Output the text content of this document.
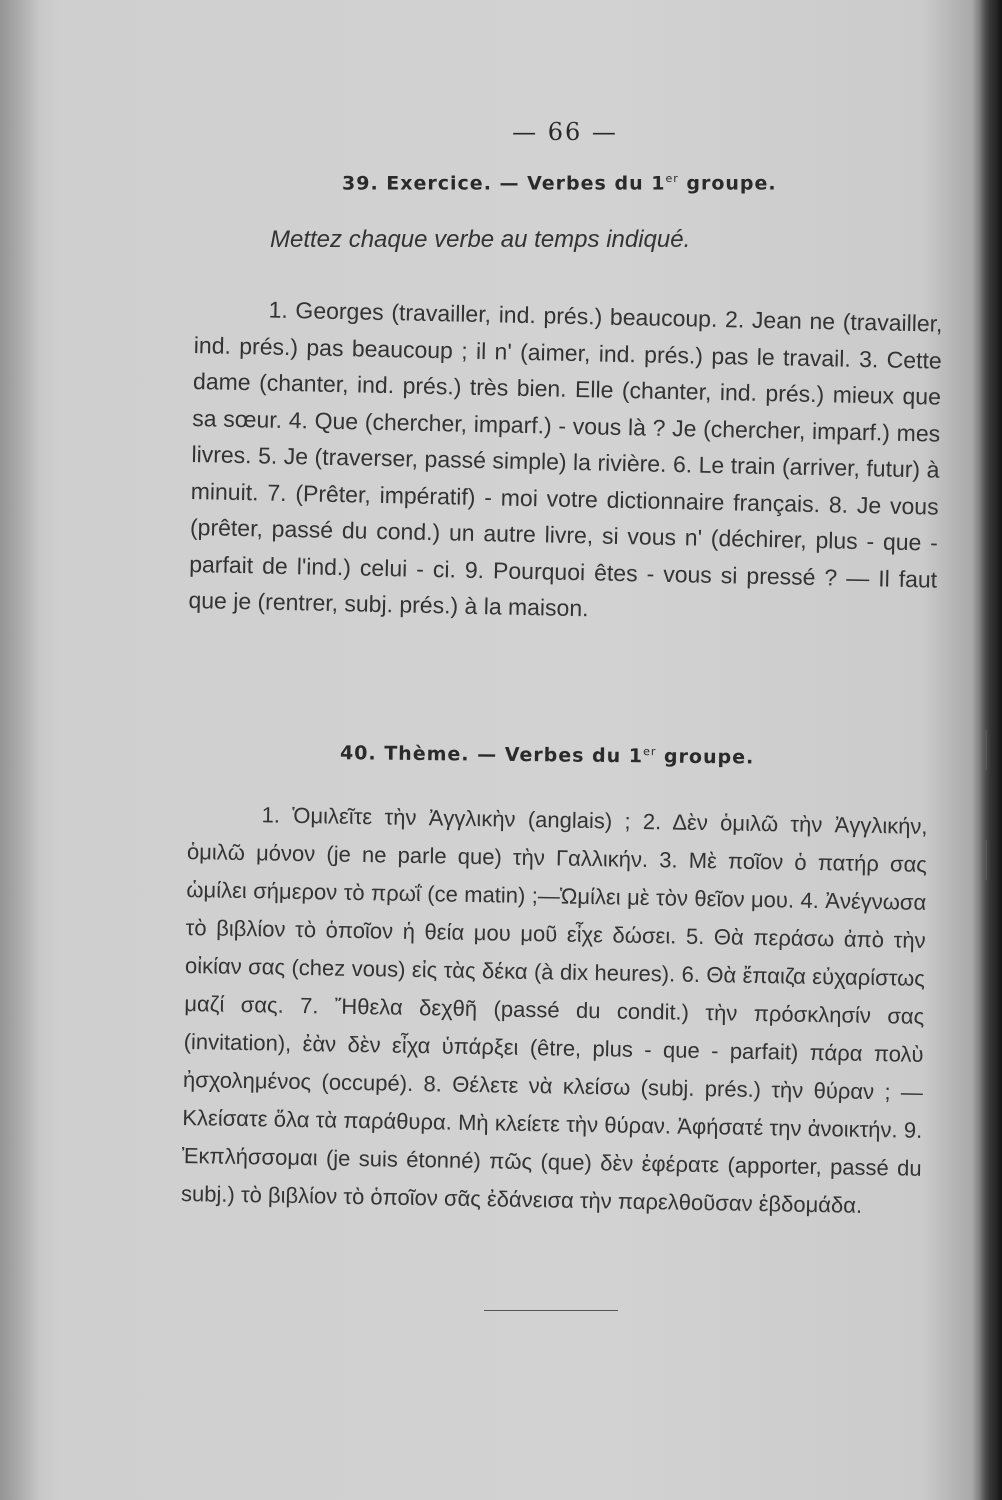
— 66 —
39. Exercice. — Verbes du 1er groupe.
Mettez chaque verbe au temps indiqué.
1. Georges (travailler, ind. prés.) beaucoup. 2. Jean ne (travailler, ind. prés.) pas beaucoup ; il n' (aimer, ind. prés.) pas le travail. 3. Cette dame (chanter, ind. prés.) très bien. Elle (chanter, ind. prés.) mieux que sa sœur. 4. Que (chercher, imparf.) - vous là ? Je (chercher, imparf.) mes livres. 5. Je (traverser, passé simple) la rivière. 6. Le train (arriver, futur) à minuit. 7. (Prêter, impératif) - moi votre dictionnaire français. 8. Je vous (prêter, passé du cond.) un autre livre, si vous n' (déchirer, plus - que - parfait de l'ind.) celui - ci. 9. Pourquoi êtes - vous si pressé ? — Il faut que je (rentrer, subj. prés.) à la maison.
40. Thème. — Verbes du 1er groupe.
1. Ὁμιλεῖτε τὴν Ἀγγλικὴν (anglais) ; 2. Δὲν ὁμιλῶ τὴν Ἀγγλικήν, ὁμιλῶ μόνον (je ne parle que) τὴν Γαλλικήν. 3. Μὲ ποῖον ὁ πατήρ σας ὡμίλει σήμερον τὸ πρωΐ (ce matin) ;—Ὡμίλει μὲ τὸν θεῖον μου. 4. Ἀνέγνωσα τὸ βιβλίον τὸ ὁποῖον ἡ θεία μου μοῦ εἶχε δώσει. 5. Θὰ περάσω ἀπὸ τὴν οἰκίαν σας (chez vous) εἰς τὰς δέκα (à dix heures). 6. Θὰ ἔπαιζα εὐχαρίστως μαζί σας. 7. Ἤθελα δεχθῆ (passé du condit.) τὴν πρόσκλησίν σας (invitation), ἐὰν δὲν εἶχα ὑπάρξει (être, plus - que - parfait) πάρα πολὺ ἠσχολημένος (occupé). 8. Θέλετε νὰ κλείσω (subj. prés.) τὴν θύραν ; — Κλείσατε ὅλα τὰ παράθυρα. Μὴ κλείετε τὴν θύραν. Ἀφήσατέ την ἀνοικτήν. 9. Ἐκπλήσσομαι (je suis étonné) πῶς (que) δὲν ἐφέρατε (apporter, passé du subj.) τὸ βιβλίον τὸ ὁποῖον σᾶς ἐδάνεισα τὴν παρελθοῦσαν ἑβδομάδα.
